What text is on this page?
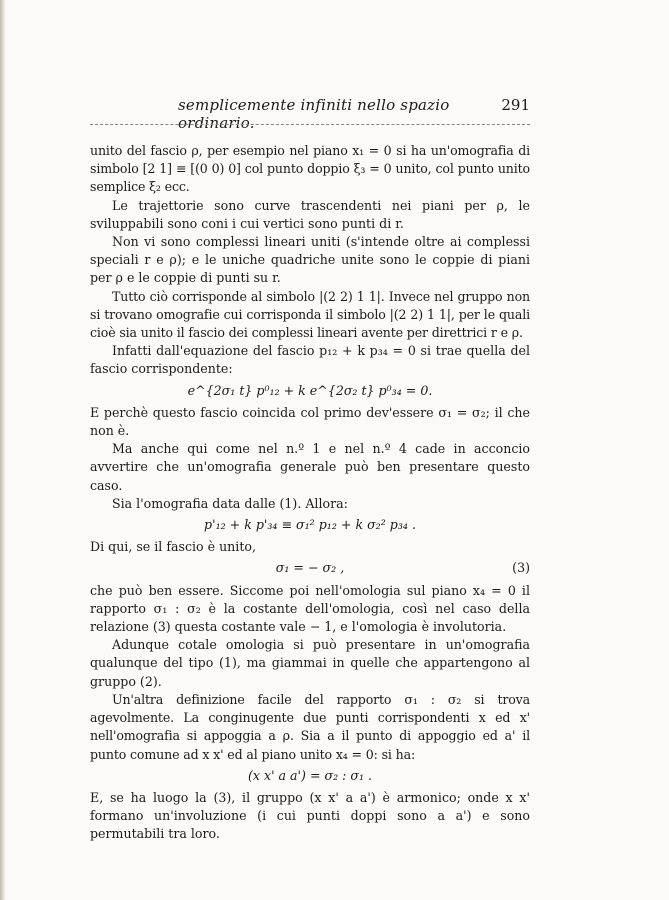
semplicemente infiniti nello spazio ordinario.
291

unito del fascio ρ, per esempio nel piano x₁ = 0 si ha un'omografia di simbolo [2 1] ≡ [(0 0) 0] col punto doppio ξ₃ = 0 unito, col punto unito semplice ξ₂ ecc.

Le trajettorie sono curve trascendenti nei piani per ρ, le sviluppabili sono coni i cui vertici sono punti di r.

Non vi sono complessi lineari uniti (s'intende oltre ai complessi speciali r e ρ); e le uniche quadriche unite sono le coppie di piani per ρ e le coppie di punti su r.

Tutto ciò corrisponde al simbolo |(2 2) 1 1|. Invece nel gruppo non si trovano omografie cui corrisponda il simbolo |(2 2) 1 1|, per le quali cioè sia unito il fascio dei complessi lineari avente per direttrici r e ρ.

Infatti dall'equazione del fascio p₁₂ + k p₃₄ = 0 si trae quella del fascio corrispondente:

e^{2σ₁ t} p⁰₁₂ + k e^{2σ₂ t} p⁰₃₄ = 0.

E perchè questo fascio coincida col primo dev'essere σ₁ = σ₂; il che non è.

Ma anche qui come nel n.º 1 e nel n.º 4 cade in acconcio avvertire che un'omografia generale può ben presentare questo caso.

Sia l'omografia data dalle (1). Allora:

p'₁₂ + k p'₃₄ ≡ σ₁² p₁₂ + k σ₂² p₃₄ .

Di qui, se il fascio è unito,

σ₁ = − σ₂ ,	(3)

che può ben essere. Siccome poi nell'omologia sul piano x₄ = 0 il rapporto σ₁ : σ₂ è la costante dell'omologia, così nel caso della relazione (3) questa costante vale − 1, e l'omologia è involutoria.

Adunque cotale omologia si può presentare in un'omografia qualunque del tipo (1), ma giammai in quelle che appartengono al gruppo (2).

Un'altra definizione facile del rapporto σ₁ : σ₂ si trova agevolmente. La conginugente due punti corrispondenti x ed x' nell'omografia si appoggia a ρ. Sia a il punto di appoggio ed a' il punto comune ad x x' ed al piano unito x₄ = 0: si ha:

(x x' a a') = σ₂ : σ₁ .

E, se ha luogo la (3), il gruppo (x x' a a') è armonico; onde x x' formano un'involuzione (i cui punti doppi sono a a') e sono permutabili tra loro.
